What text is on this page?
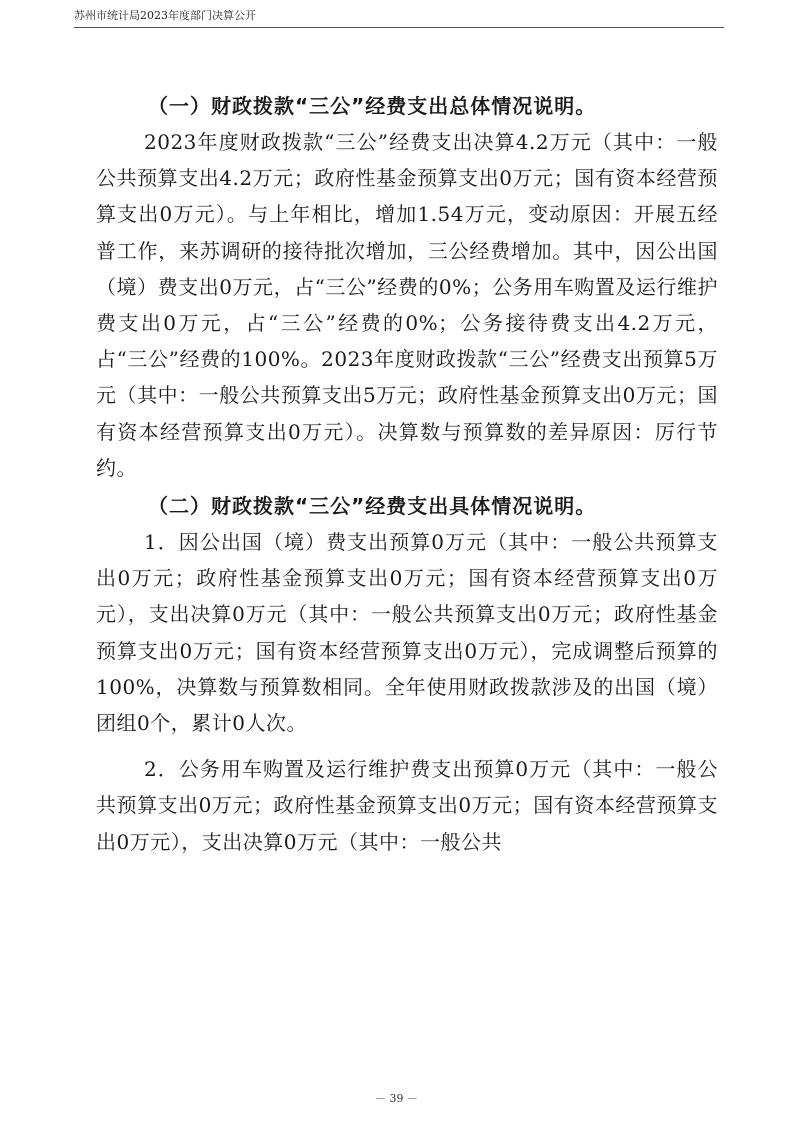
苏州市统计局2023年度部门决算公开

（一）财政拨款“三公”经费支出总体情况说明。

2023年度财政拨款“三公”经费支出决算4.2万元（其中：一般公共预算支出4.2万元；政府性基金预算支出0万元；国有资本经营预算支出0万元）。与上年相比，增加1.54万元，变动原因：开展五经普工作，来苏调研的接待批次增加，三公经费增加。其中，因公出国（境）费支出0万元，占“三公”经费的0%；公务用车购置及运行维护费支出0万元，占“三公”经费的0%；公务接待费支出4.2万元，占“三公”经费的100%。2023年度财政拨款“三公”经费支出预算5万元（其中：一般公共预算支出5万元；政府性基金预算支出0万元；国有资本经营预算支出0万元）。决算数与预算数的差异原因：厉行节约。

（二）财政拨款“三公”经费支出具体情况说明。

1．因公出国（境）费支出预算0万元（其中：一般公共预算支出0万元；政府性基金预算支出0万元；国有资本经营预算支出0万元），支出决算0万元（其中：一般公共预算支出0万元；政府性基金预算支出0万元；国有资本经营预算支出0万元），完成调整后预算的100%，决算数与预算数相同。全年使用财政拨款涉及的出国（境）团组0个，累计0人次。

2．公务用车购置及运行维护费支出预算0万元（其中：一般公共预算支出0万元；政府性基金预算支出0万元；国有资本经营预算支出0万元），支出决算0万元（其中：一般公共

－ 39 －
